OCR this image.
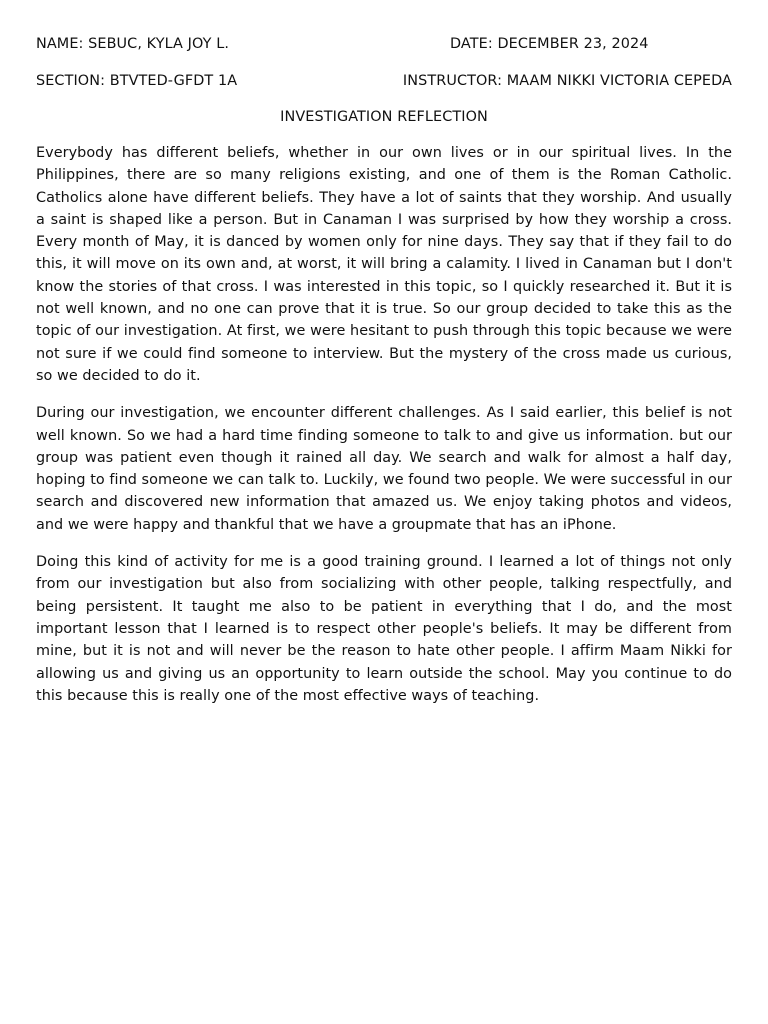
NAME: SEBUC, KYLA JOY L.	DATE: DECEMBER 23, 2024
SECTION: BTVTED-GFDT 1A	INSTRUCTOR: MAAM NIKKI VICTORIA CEPEDA
INVESTIGATION REFLECTION

Everybody has different beliefs, whether in our own lives or in our spiritual lives. In the Philippines, there are so many religions existing, and one of them is the Roman Catholic. Catholics alone have different beliefs. They have a lot of saints that they worship. And usually a saint is shaped like a person. But in Canaman I was surprised by how they worship a cross. Every month of May, it is danced by women only for nine days. They say that if they fail to do this, it will move on its own and, at worst, it will bring a calamity. I lived in Canaman but I don't know the stories of that cross. I was interested in this topic, so I quickly researched it. But it is not well known, and no one can prove that it is true. So our group decided to take this as the topic of our investigation. At first, we were hesitant to push through this topic because we were not sure if we could find someone to interview. But the mystery of the cross made us curious, so we decided to do it.

During our investigation, we encounter different challenges. As I said earlier, this belief is not well known. So we had a hard time finding someone to talk to and give us information. but our group was patient even though it rained all day. We search and walk for almost a half day, hoping to find someone we can talk to. Luckily, we found two people. We were successful in our search and discovered new information that amazed us. We enjoy taking photos and videos, and we were happy and thankful that we have a groupmate that has an iPhone.

Doing this kind of activity for me is a good training ground. I learned a lot of things not only from our investigation but also from socializing with other people, talking respectfully, and being persistent. It taught me also to be patient in everything that I do, and the most important lesson that I learned is to respect other people's beliefs. It may be different from mine, but it is not and will never be the reason to hate other people. I affirm Maam Nikki for allowing us and giving us an opportunity to learn outside the school. May you continue to do this because this is really one of the most effective ways of teaching.
